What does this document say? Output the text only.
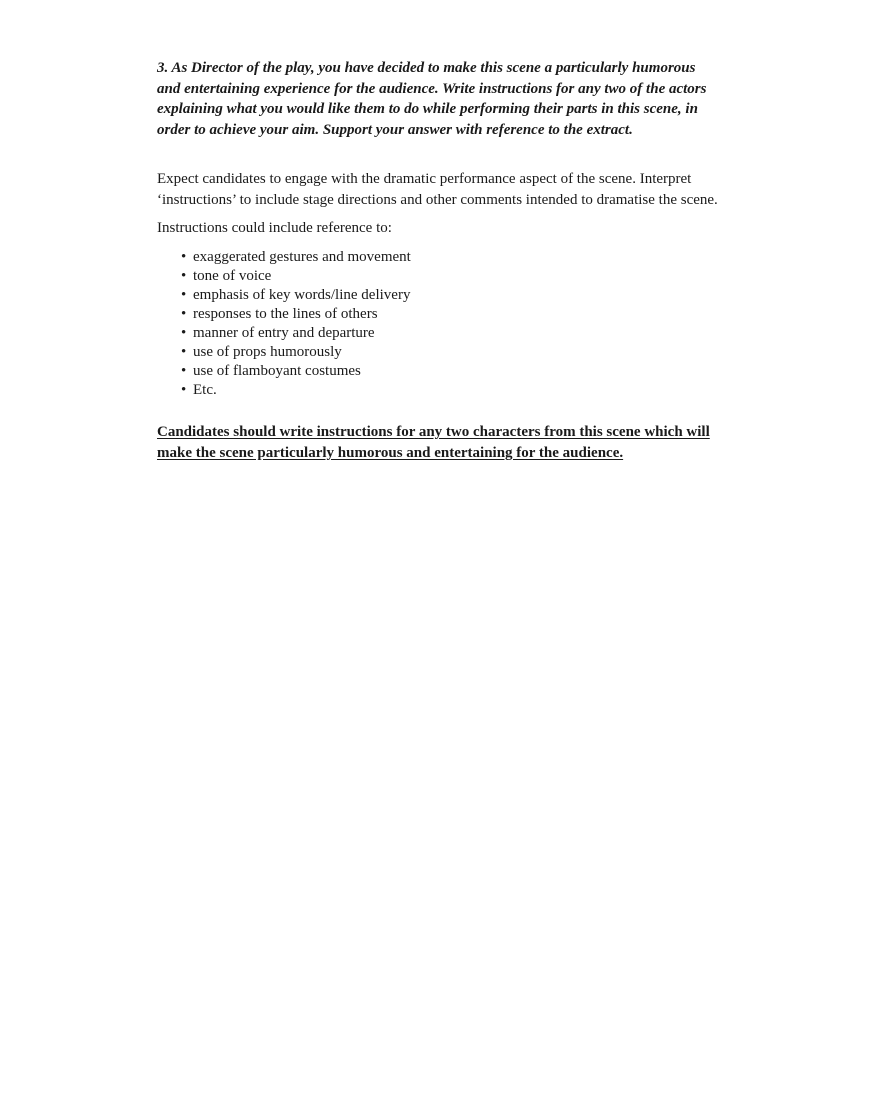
3. As Director of the play, you have decided to make this scene a particularly humorous
and entertaining experience for the audience. Write instructions for any two of the actors
explaining what you would like them to do while performing their parts in this scene, in
order to achieve your aim. Support your answer with reference to the extract.

Expect candidates to engage with the dramatic performance aspect of the scene. Interpret
‘instructions’ to include stage directions and other comments intended to dramatise the scene.

Instructions could include reference to:

• exaggerated gestures and movement
• tone of voice
• emphasis of key words/line delivery
• responses to the lines of others
• manner of entry and departure
• use of props humorously
• use of flamboyant costumes
• Etc.

Candidates should write instructions for any two characters from this scene which will
make the scene particularly humorous and entertaining for the audience.
